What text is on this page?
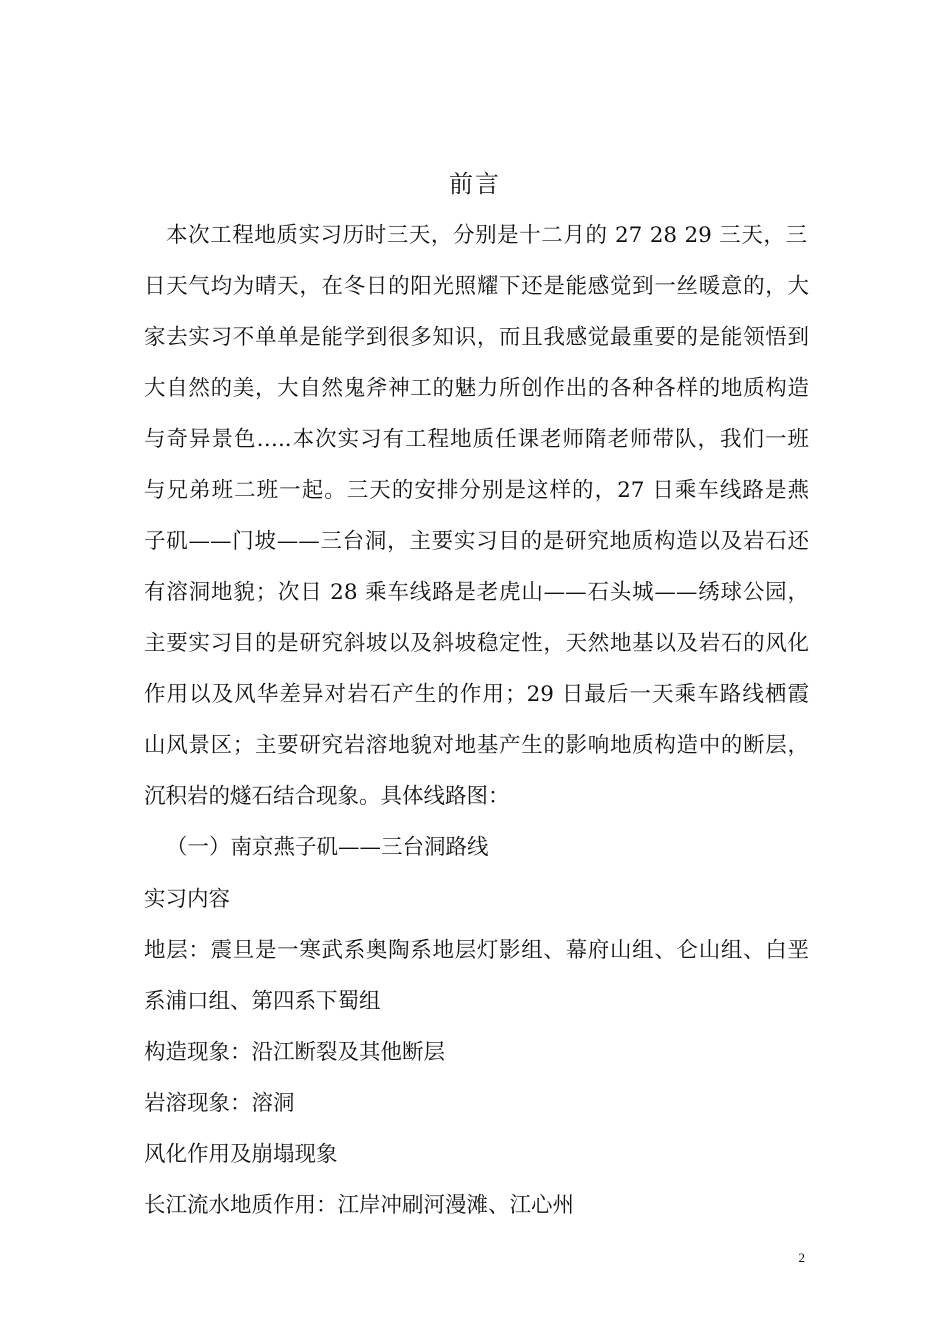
前言
本次工程地质实习历时三天，分别是十二月的 27 28 29 三天，三
日天气均为晴天，在冬日的阳光照耀下还是能感觉到一丝暖意的，大
家去实习不单单是能学到很多知识，而且我感觉最重要的是能领悟到
大自然的美，大自然鬼斧神工的魅力所创作出的各种各样的地质构造
与奇异景色…..本次实习有工程地质任课老师隋老师带队，我们一班
与兄弟班二班一起。三天的安排分别是这样的，27 日乘车线路是燕
子矶——门坡——三台洞，主要实习目的是研究地质构造以及岩石还
有溶洞地貌；次日 28 乘车线路是老虎山——石头城——绣球公园，
主要实习目的是研究斜坡以及斜坡稳定性，天然地基以及岩石的风化
作用以及风华差异对岩石产生的作用；29 日最后一天乘车路线栖霞
山风景区；主要研究岩溶地貌对地基产生的影响地质构造中的断层，
沉积岩的燧石结合现象。具体线路图：
（一）南京燕子矶——三台洞路线
实习内容
地层：震旦是一寒武系奥陶系地层灯影组、幕府山组、仑山组、白垩
系浦口组、第四系下蜀组
构造现象：沿江断裂及其他断层
岩溶现象：溶洞
风化作用及崩塌现象
长江流水地质作用：江岸冲刷河漫滩、江心州
2
